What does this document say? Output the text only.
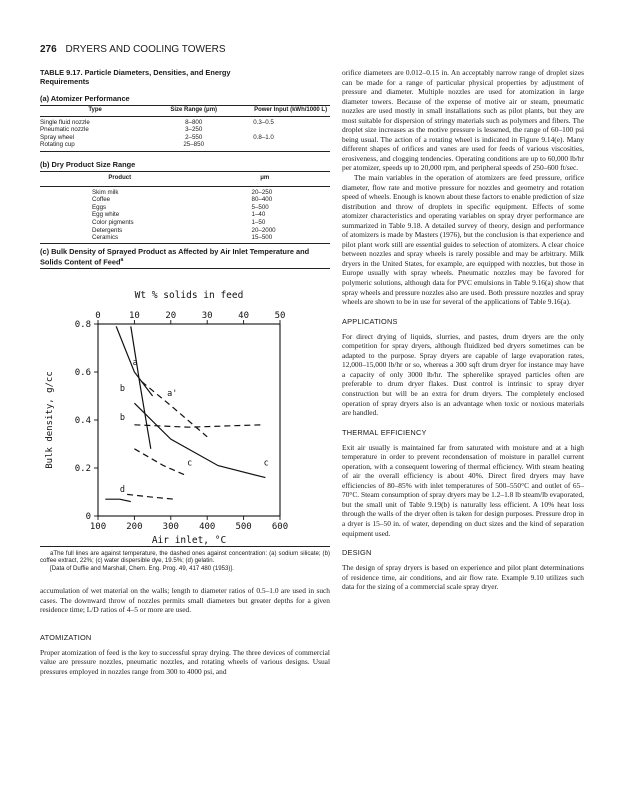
276 DRYERS AND COOLING TOWERS
TABLE 9.17. Particle Diameters, Densities, and Energy Requirements
(a) Atomizer Performance
Type	Size Range (μm)	Power Input (kWh/1000 L)

Single fluid nozzle	8–800	0.3–0.5
Pneumatic nozzle	3–250	
Spray wheel	2–550	0.8–1.0
Rotating cup	25–850	
(b) Dry Product Size Range
Product	μm

Skim milk	20–250
Coffee	80–400
Eggs	5–500
Egg white	1–40
Color pigments	1–50
Detergents	20–2000
Ceramics	15–500
(c) Bulk Density of Sprayed Product as Affected by Air Inlet Temperature and Solids Content of Feed$^a$
Wt % solids in feed
0	10	20	30	40	50
100 200 300 400 500 600
Air inlet, °C
0
0.2
0.4
0.6
0.8
Bulk density, g/cc
a
a'
b
b
c	c
d
aThe full lines are against temperature, the dashed ones against concentration: (a) sodium silicate; (b) coffee extract, 22%; (c) water dispersible dye, 19.5%; (d) gelatin.
[Data of Duffie and Marshall, Chem. Eng. Prog. 49, 417 480 (1953)].
accumulation of wet material on the walls; length to diameter ratios of 0.5–1.0 are used in such cases. The downward throw of nozzles permits small diameters but greater depths for a given residence time; L/D ratios of 4–5 or more are used.
ATOMIZATION
Proper atomization of feed is the key to successful spray drying. The three devices of commercial value are pressure nozzles, pneumatic nozzles, and rotating wheels of various designs. Usual pressures employed in nozzles range from 300 to 4000 psi, and
orifice diameters are 0.012–0.15 in. An acceptably narrow range of droplet sizes can be made for a range of particular physical properties by adjustment of pressure and diameter. Multiple nozzles are used for atomization in large diameter towers. Because of the expense of motive air or steam, pneumatic nozzles are used mostly in small installations such as pilot plants, but they are most suitable for dispersion of stringy materials such as polymers and fibers. The droplet size increases as the motive pressure is lessened, the range of 60–100 psi being usual. The action of a rotating wheel is indicated in Figure 9.14(e). Many different shapes of orifices and vanes are used for feeds of various viscosities, erosiveness, and clogging tendencies. Operating conditions are up to 60,000 lb/hr per atomizer, speeds up to 20,000 rpm, and peripheral speeds of 250–600 ft/sec.
The main variables in the operation of atomizers are feed pressure, orifice diameter, flow rate and motive pressure for nozzles and geometry and rotation speed of wheels. Enough is known about these factors to enable prediction of size distribution and throw of droplets in specific equipment. Effects of some atomizer characteristics and operating variables on spray dryer performance are summarized in Table 9.18. A detailed survey of theory, design and performance of atomizers is made by Masters (1976), but the conclusion is that experience and pilot plant work still are essential guides to selection of atomizers. A clear choice between nozzles and spray wheels is rarely possible and may be arbitrary. Milk dryers in the United States, for example, are equipped with nozzles, but those in Europe usually with spray wheels. Pneumatic nozzles may be favored for polymeric solutions, although data for PVC emulsions in Table 9.16(a) show that spray wheels and pressure nozzles also are used. Both pressure nozzles and spray wheels are shown to be in use for several of the applications of Table 9.16(a).
APPLICATIONS
For direct drying of liquids, slurries, and pastes, drum dryers are the only competition for spray dryers, although fluidized bed dryers sometimes can be adapted to the purpose. Spray dryers are capable of large evaporation rates, 12,000–15,000 lb/hr or so, whereas a 300 sqft drum dryer for instance may have a capacity of only 3000 lb/hr. The spherelike sprayed particles often are preferable to drum dryer flakes. Dust control is intrinsic to spray dryer construction but will be an extra for drum dryers. The completely enclosed operation of spray dryers also is an advantage when toxic or noxious materials are handled.
THERMAL EFFICIENCY
Exit air usually is maintained far from saturated with moisture and at a high temperature in order to prevent recondensation of moisture in parallel current operation, with a consequent lowering of thermal efficiency. With steam heating of air the overall efficiency is about 40%. Direct fired dryers may have efficiencies of 80–85% with inlet temperatures of 500–550°C and outlet of 65–70°C. Steam consumption of spray dryers may be 1.2–1.8 lb steam/lb evaporated, but the small unit of Table 9.19(b) is naturally less efficient. A 10% heat loss through the walls of the dryer often is taken for design purposes. Pressure drop in a dryer is 15–50 in. of water, depending on duct sizes and the kind of separation equipment used.
DESIGN
The design of spray dryers is based on experience and pilot plant determinations of residence time, air conditions, and air flow rate. Example 9.10 utilizes such data for the sizing of a commercial scale spray dryer.
